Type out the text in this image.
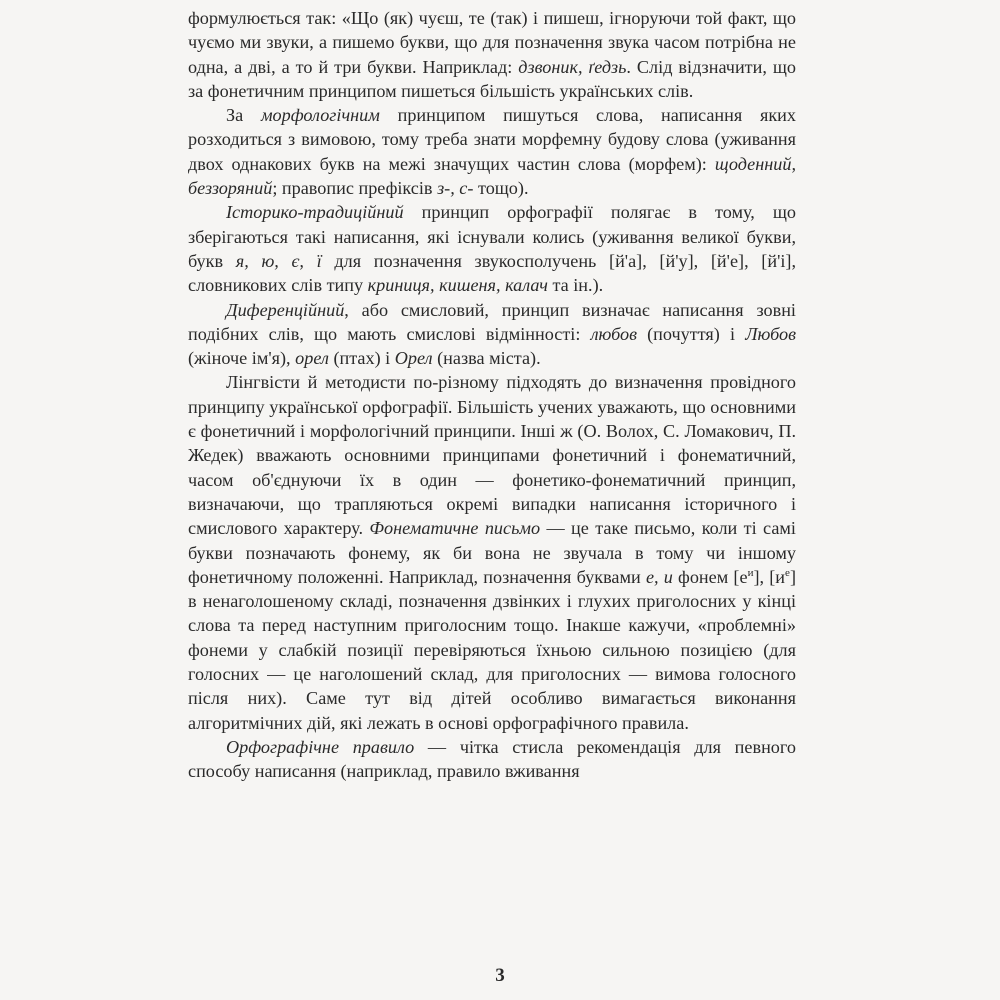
формулюється так: «Що (як) чуєш, те (так) і пишеш, ігноруючи той факт, що чуємо ми звуки, а пишемо букви, що для позначення звука часом потрібна не одна, а дві, а то й три букви. Наприклад: дзвоник, ґедзь. Слід відзначити, що за фонетичним принципом пишеться більшість українських слів.

За морфологічним принципом пишуться слова, написання яких розходиться з вимовою, тому треба знати морфемну будову слова (уживання двох однакових букв на межі значущих частин слова (морфем): щоденний, беззоряний; правопис префіксів з-, с- тощо).

Історико-традиційний принцип орфографії полягає в тому, що зберігаються такі написання, які існували колись (уживання великої букви, букв я, ю, є, ї для позначення звукосполучень [й'а], [й'у], [й'е], [й'і], словникових слів типу криниця, кишеня, калач та ін.).

Диференційний, або смисловий, принцип визначає написання зовні подібних слів, що мають смислові відмінності: любов (почуття) і Любов (жіноче ім'я), орел (птах) і Орел (назва міста).

Лінгвісти й методисти по-різному підходять до визначення провідного принципу української орфографії. Більшість учених уважають, що основними є фонетичний і морфологічний принципи. Інші ж (О. Волох, С. Ломакович, П. Жедек) вважають основними принципами фонетичний і фонематичний, часом об'єднуючи їх в один — фонетико-фонематичний принцип, визначаючи, що трапляються окремі випадки написання історичного і смислового характеру. Фонематичне письмо — це таке письмо, коли ті самі букви позначають фонему, як би вона не звучала в тому чи іншому фонетичному положенні. Наприклад, позначення буквами е, и фонем $[е^и]$, $[и^е]$ в ненаголошеному складі, позначення дзвінких і глухих приголосних у кінці слова та перед наступним приголосним тощо. Інакше кажучи, «проблемні» фонеми у слабкій позиції перевіряються їхньою сильною позицією (для голосних — це наголошений склад, для приголосних — вимова голосного після них). Саме тут від дітей особливо вимагається виконання алгоритмічних дій, які лежать в основі орфографічного правила.

Орфографічне правило — чітка стисла рекомендація для певного способу написання (наприклад, правило вживання

3
